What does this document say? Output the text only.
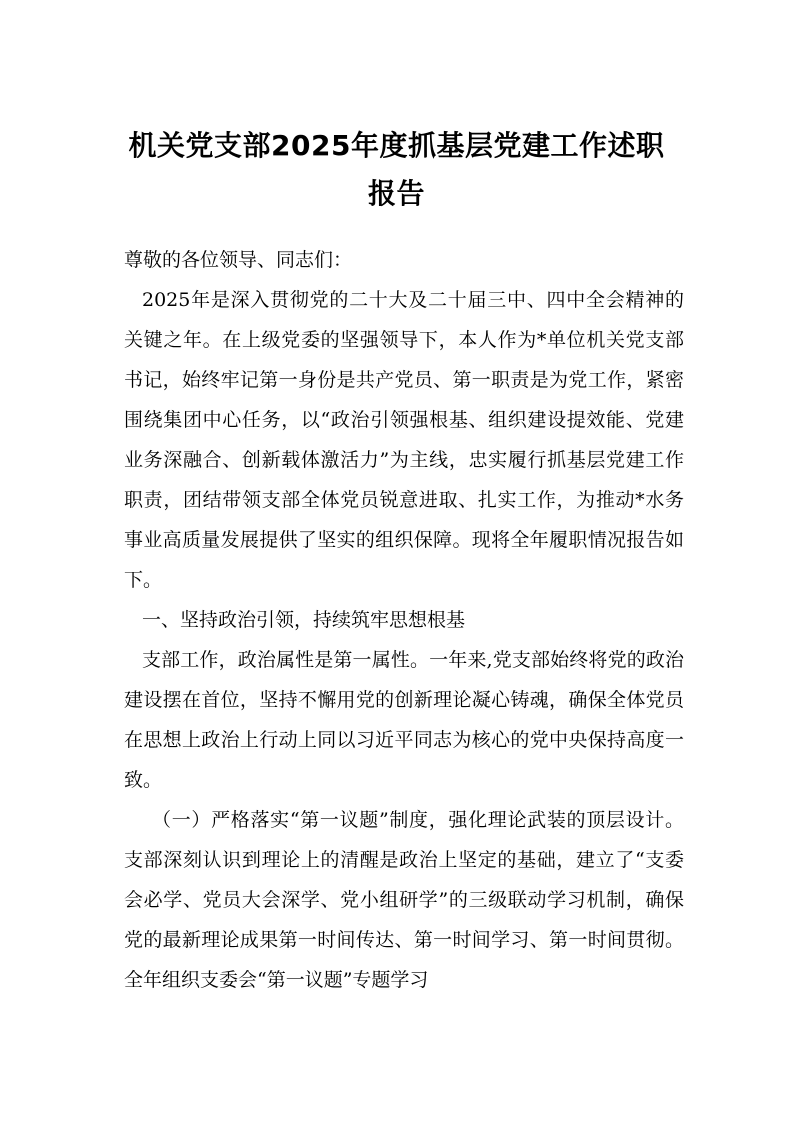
机关党支部2025年度抓基层党建工作述职
报告

尊敬的各位领导、同志们：

2025年是深入贯彻党的二十大及二十届三中、四中全会精神的关键之年。在上级党委的坚强领导下，本人作为*单位机关党支部书记，始终牢记第一身份是共产党员、第一职责是为党工作，紧密围绕集团中心任务，以“政治引领强根基、组织建设提效能、党建业务深融合、创新载体激活力”为主线，忠实履行抓基层党建工作职责，团结带领支部全体党员锐意进取、扎实工作，为推动*水务事业高质量发展提供了坚实的组织保障。现将全年履职情况报告如下。

一、坚持政治引领，持续筑牢思想根基

支部工作，政治属性是第一属性。一年来,党支部始终将党的政治建设摆在首位，坚持不懈用党的创新理论凝心铸魂，确保全体党员在思想上政治上行动上同以习近平同志为核心的党中央保持高度一致。

（一）严格落实“第一议题”制度，强化理论武装的顶层设计。支部深刻认识到理论上的清醒是政治上坚定的基础，建立了“支委会必学、党员大会深学、党小组研学”的三级联动学习机制，确保党的最新理论成果第一时间传达、第一时间学习、第一时间贯彻。全年组织支委会“第一议题”专题学习
